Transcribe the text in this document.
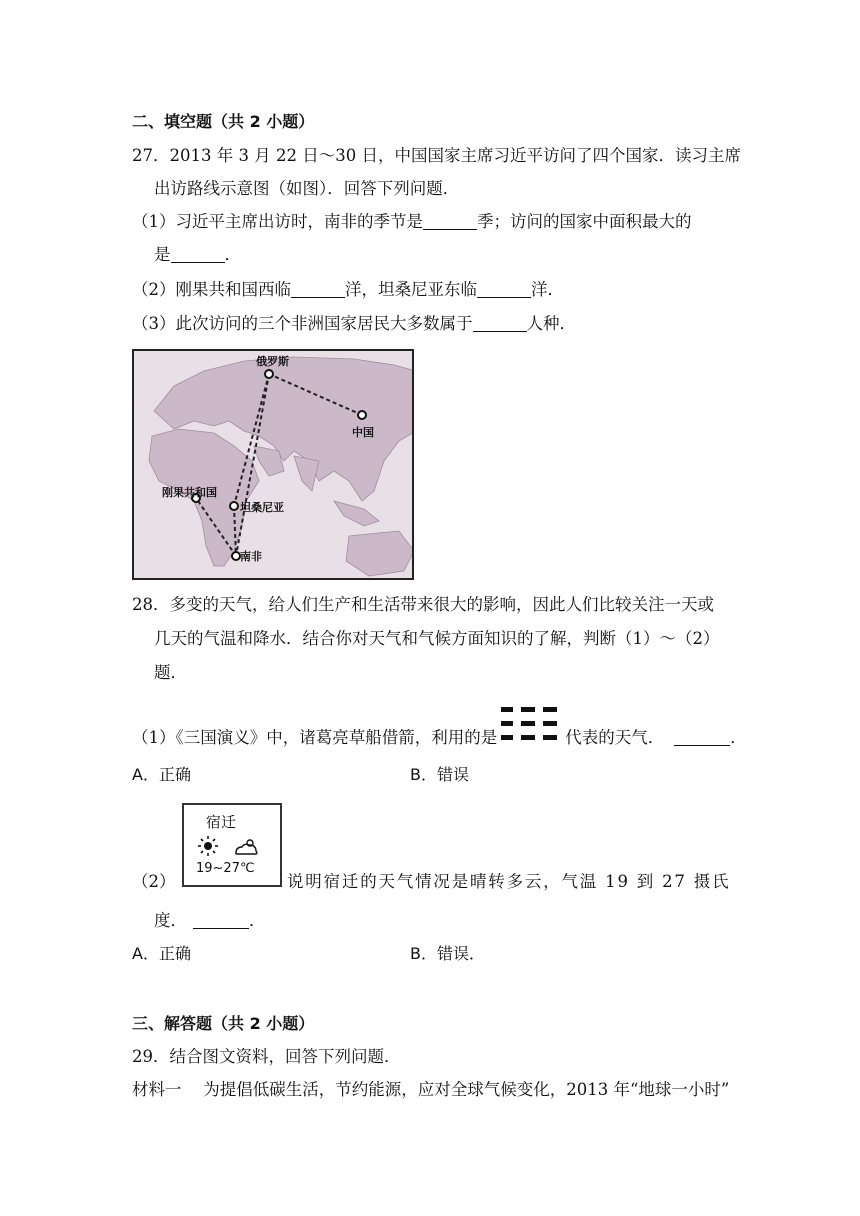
二、填空题（共 2 小题）
27．2013 年 3 月 22 日～30 日，中国国家主席习近平访问了四个国家．读习主席
出访路线示意图（如图）．回答下列问题．
（1）习近平主席出访时，南非的季节是	季；访问的国家中面积最大的
是	．
（2）刚果共和国西临	洋，坦桑尼亚东临	洋．
（3）此次访问的三个非洲国家居民大多数属于	人种．
俄罗斯
中国
刚果共和国
坦桑尼亚
南非
28．多变的天气，给人们生产和生活带来很大的影响，因此人们比较关注一天或
几天的气温和降水．结合你对天气和气候方面知识的了解，判断（1）～（2）
题．
（1）《三国演义》中，诸葛亮草船借箭，利用的是	代表的天气．	．
A．正确	B．错误
宿迁
19~27℃
（2）	说明宿迁的天气情况是晴转多云，气温 19 到 27 摄氏
度．	．
A．正确	B．错误．
三、解答题（共 2 小题）
29．结合图文资料，回答下列问题．
材料一　 为提倡低碳生活，节约能源，应对全球气候变化，2013 年“地球一小时”
